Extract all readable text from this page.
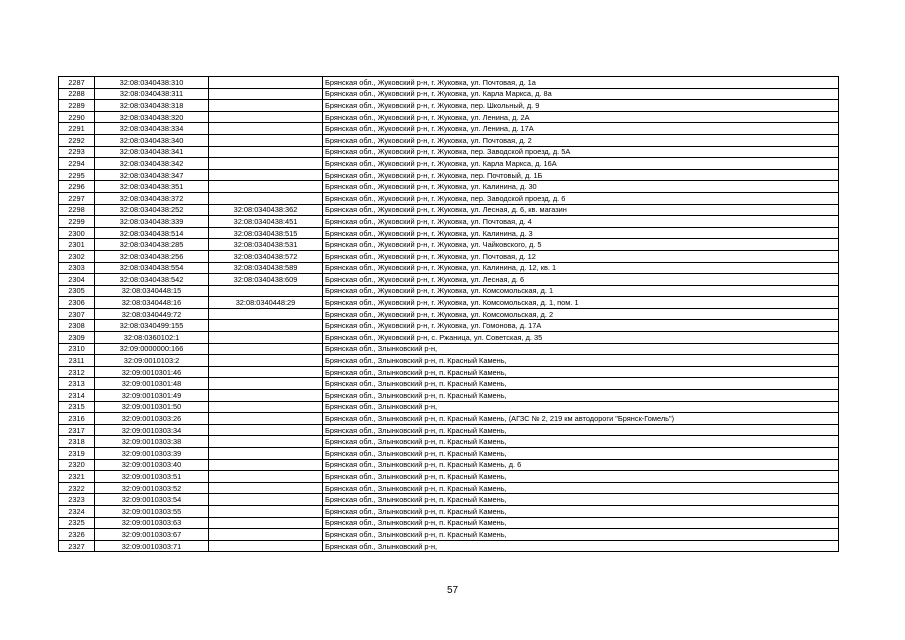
2287	32:08:0340438:310		Брянская обл., Жуковский р-н, г. Жуковка, ул. Почтовая, д. 1а
2288	32:08:0340438:311		Брянская обл., Жуковский р-н, г. Жуковка, ул. Карла Маркса, д. 8а
2289	32:08:0340438:318		Брянская обл., Жуковский р-н, г. Жуковка, пер. Школьный, д. 9
2290	32:08:0340438:320		Брянская обл., Жуковский р-н, г. Жуковка, ул. Ленина, д. 2А
2291	32:08:0340438:334		Брянская обл., Жуковский р-н, г. Жуковка, ул. Ленина, д. 17А
2292	32:08:0340438:340		Брянская обл., Жуковский р-н, г. Жуковка, ул. Почтовая, д. 2
2293	32:08:0340438:341		Брянская обл., Жуковский р-н, г. Жуковка, пер. Заводской проезд, д. 5А
2294	32:08:0340438:342		Брянская обл., Жуковский р-н, г. Жуковка, ул. Карла Маркса, д. 16А
2295	32:08:0340438:347		Брянская обл., Жуковский р-н, г. Жуковка, пер. Почтовый, д. 1Б
2296	32:08:0340438:351		Брянская обл., Жуковский р-н, г. Жуковка, ул. Калинина, д. 30
2297	32:08:0340438:372		Брянская обл., Жуковский р-н, г. Жуковка, пер. Заводской проезд, д. 6
2298	32:08:0340438:252	32:08:0340438:362	Брянская обл., Жуковский р-н, г. Жуковка, ул. Лесная, д. 6, кв. магазин
2299	32:08:0340438:339	32:08:0340438:451	Брянская обл., Жуковский р-н, г. Жуковка, ул. Почтовая, д. 4
2300	32:08:0340438:514	32:08:0340438:515	Брянская обл., Жуковский р-н, г. Жуковка, ул. Калинина, д. 3
2301	32:08:0340438:285	32:08:0340438:531	Брянская обл., Жуковский р-н, г. Жуковка, ул. Чайковского, д. 5
2302	32:08:0340438:256	32:08:0340438:572	Брянская обл., Жуковский р-н, г. Жуковка, ул. Почтовая, д. 12
2303	32:08:0340438:554	32:08:0340438:589	Брянская обл., Жуковский р-н, г. Жуковка, ул. Калинина, д. 12, кв. 1
2304	32:08:0340438:542	32:08:0340438:609	Брянская обл., Жуковский р-н, г. Жуковка, ул. Лесная, д. 6
2305	32:08:0340448:15		Брянская обл., Жуковский р-н, г. Жуковка, ул. Комсомольская, д. 1
2306	32:08:0340448:16	32:08:0340448:29	Брянская обл., Жуковский р-н, г. Жуковка, ул. Комсомольская, д. 1, пом. 1
2307	32:08:0340449:72		Брянская обл., Жуковский р-н, г. Жуковка, ул. Комсомольская, д. 2
2308	32:08:0340499:155		Брянская обл., Жуковский р-н, г. Жуковка, ул. Гомонова, д. 17А
2309	32:08:0360102:1		Брянская обл., Жуковский р-н, с. Ржаница, ул. Советская, д. 35
2310	32:09:0000000:166		Брянская обл., Злынковский р-н,
2311	32:09:0010103:2		Брянская обл., Злынковский р-н, п. Красный Камень,
2312	32:09:0010301:46		Брянская обл., Злынковский р-н, п. Красный Камень,
2313	32:09:0010301:48		Брянская обл., Злынковский р-н, п. Красный Камень,
2314	32:09:0010301:49		Брянская обл., Злынковский р-н, п. Красный Камень,
2315	32:09:0010301:50		Брянская обл., Злынковский р-н,
2316	32:09:0010303:26		Брянская обл., Злынковский р-н, п. Красный Камень, (АГЗС № 2, 219 км автодороги "Брянск-Гомель")
2317	32:09:0010303:34		Брянская обл., Злынковский р-н, п. Красный Камень,
2318	32:09:0010303:38		Брянская обл., Злынковский р-н, п. Красный Камень,
2319	32:09:0010303:39		Брянская обл., Злынковский р-н, п. Красный Камень,
2320	32:09:0010303:40		Брянская обл., Злынковский р-н, п. Красный Камень, д. 6
2321	32:09:0010303:51		Брянская обл., Злынковский р-н, п. Красный Камень,
2322	32:09:0010303:52		Брянская обл., Злынковский р-н, п. Красный Камень,
2323	32:09:0010303:54		Брянская обл., Злынковский р-н, п. Красный Камень,
2324	32:09:0010303:55		Брянская обл., Злынковский р-н, п. Красный Камень,
2325	32:09:0010303:63		Брянская обл., Злынковский р-н, п. Красный Камень,
2326	32:09:0010303:67		Брянская обл., Злынковский р-н, п. Красный Камень,
2327	32:09:0010303:71		Брянская обл., Злынковский р-н,
57
